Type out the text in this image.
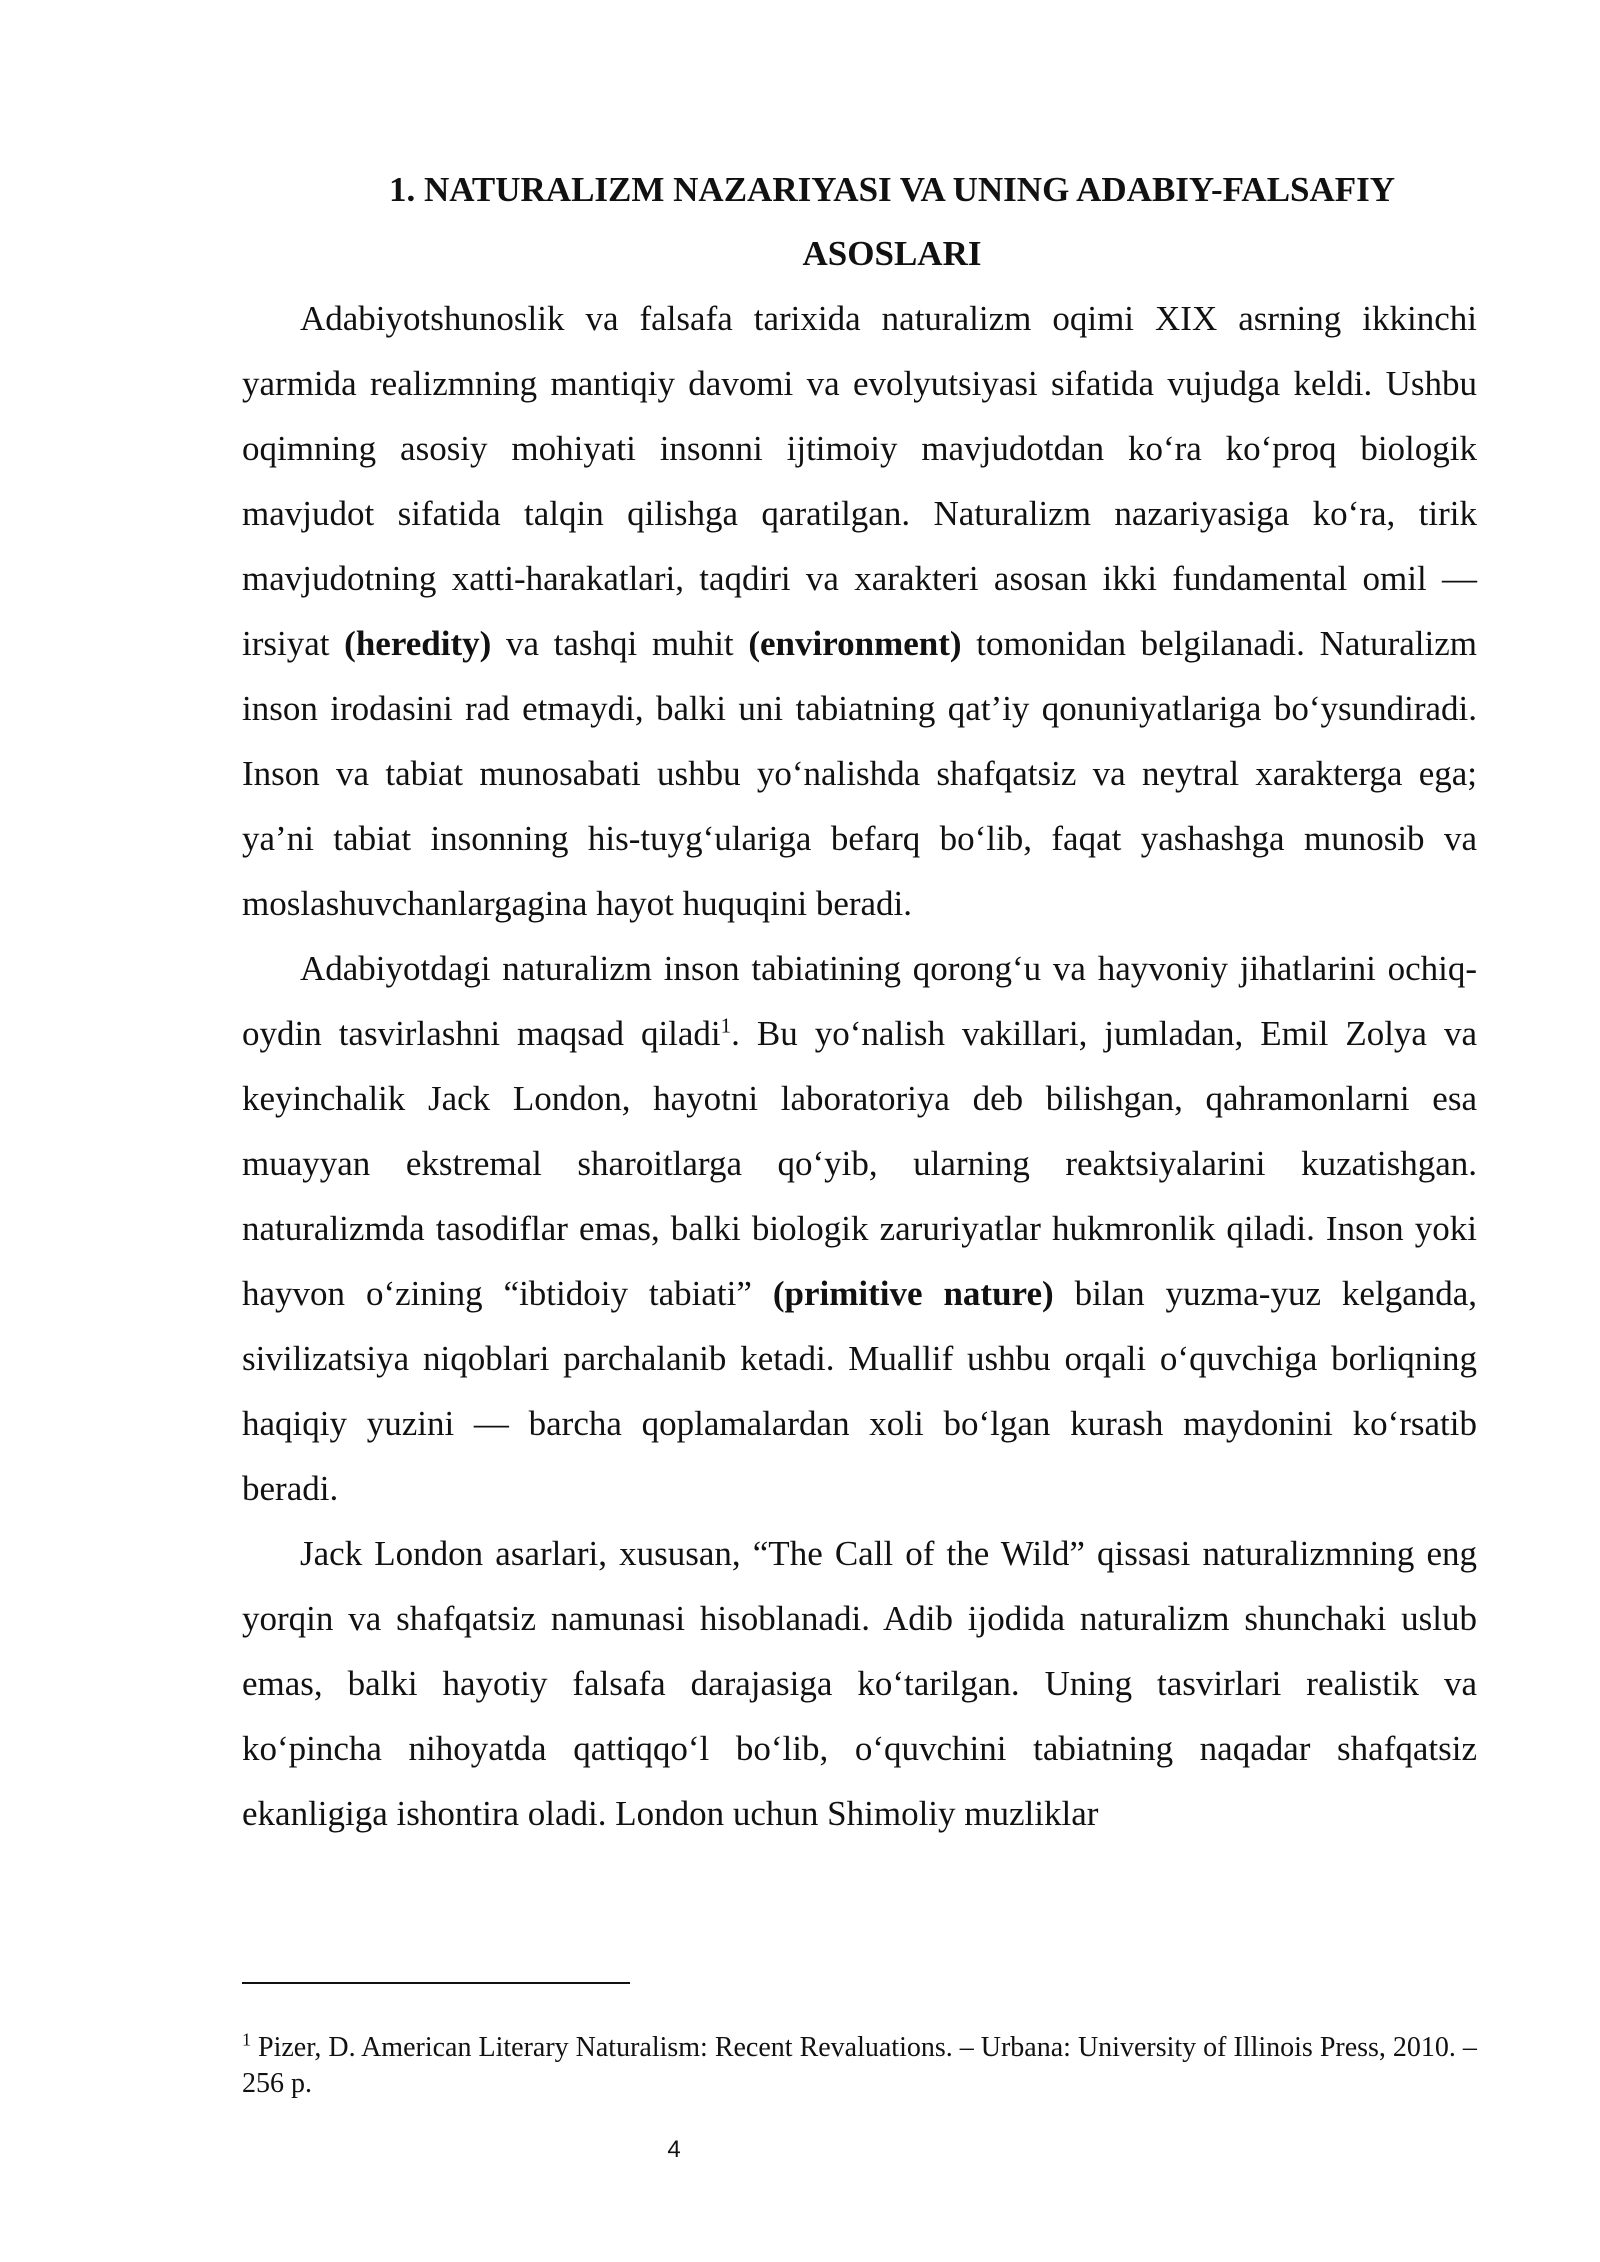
1. NATURALIZM NAZARIYASI VA UNING ADABIY-FALSAFIY
ASOSLARI

Adabiyotshunoslik va falsafa tarixida naturalizm oqimi XIX asrning ikkinchi yarmida realizmning mantiqiy davomi va evolyutsiyasi sifatida vujudga keldi. Ushbu oqimning asosiy mohiyati insonni ijtimoiy mavjudotdan ko‘ra ko‘proq biologik mavjudot sifatida talqin qilishga qaratilgan. Naturalizm nazariyasiga ko‘ra, tirik mavjudotning xatti-harakatlari, taqdiri va xarakteri asosan ikki fundamental omil — irsiyat (heredity) va tashqi muhit (environment) tomonidan belgilanadi. Naturalizm inson irodasini rad etmaydi, balki uni tabiatning qat’iy qonuniyatlariga bo‘ysundiradi. Inson va tabiat munosabati ushbu yo‘nalishda shafqatsiz va neytral xarakterga ega; ya’ni tabiat insonning his-tuyg‘ulariga befarq bo‘lib, faqat yashashga munosib va moslashuvchanlargagina hayot huquqini beradi.

Adabiyotdagi naturalizm inson tabiatining qorong‘u va hayvoniy jihatlarini ochiq-oydin tasvirlashni maqsad qiladi$^1$. Bu yo‘nalish vakillari, jumladan, Emil Zolya va keyinchalik Jack London, hayotni laboratoriya deb bilishgan, qahramonlarni esa muayyan ekstremal sharoitlarga qo‘yib, ularning reaktsiyalarini kuzatishgan. naturalizmda tasodiflar emas, balki biologik zaruriyatlar hukmronlik qiladi. Inson yoki hayvon o‘zining “ibtidoiy tabiati” (primitive nature) bilan yuzma-yuz kelganda, sivilizatsiya niqoblari parchalanib ketadi. Muallif ushbu orqali o‘quvchiga borliqning haqiqiy yuzini — barcha qoplamalardan xoli bo‘lgan kurash maydonini ko‘rsatib beradi.

Jack London asarlari, xususan, “The Call of the Wild” qissasi naturalizmning eng yorqin va shafqatsiz namunasi hisoblanadi. Adib ijodida naturalizm shunchaki uslub emas, balki hayotiy falsafa darajasiga ko‘tarilgan. Uning tasvirlari realistik va ko‘pincha nihoyatda qattiqqo‘l bo‘lib, o‘quvchini tabiatning naqadar shafqatsiz ekanligiga ishontira oladi. London uchun Shimoliy muzliklar

$^1$ Pizer, D. American Literary Naturalism: Recent Revaluations. – Urbana: University of Illinois Press, 2010. – 256 p.

4
